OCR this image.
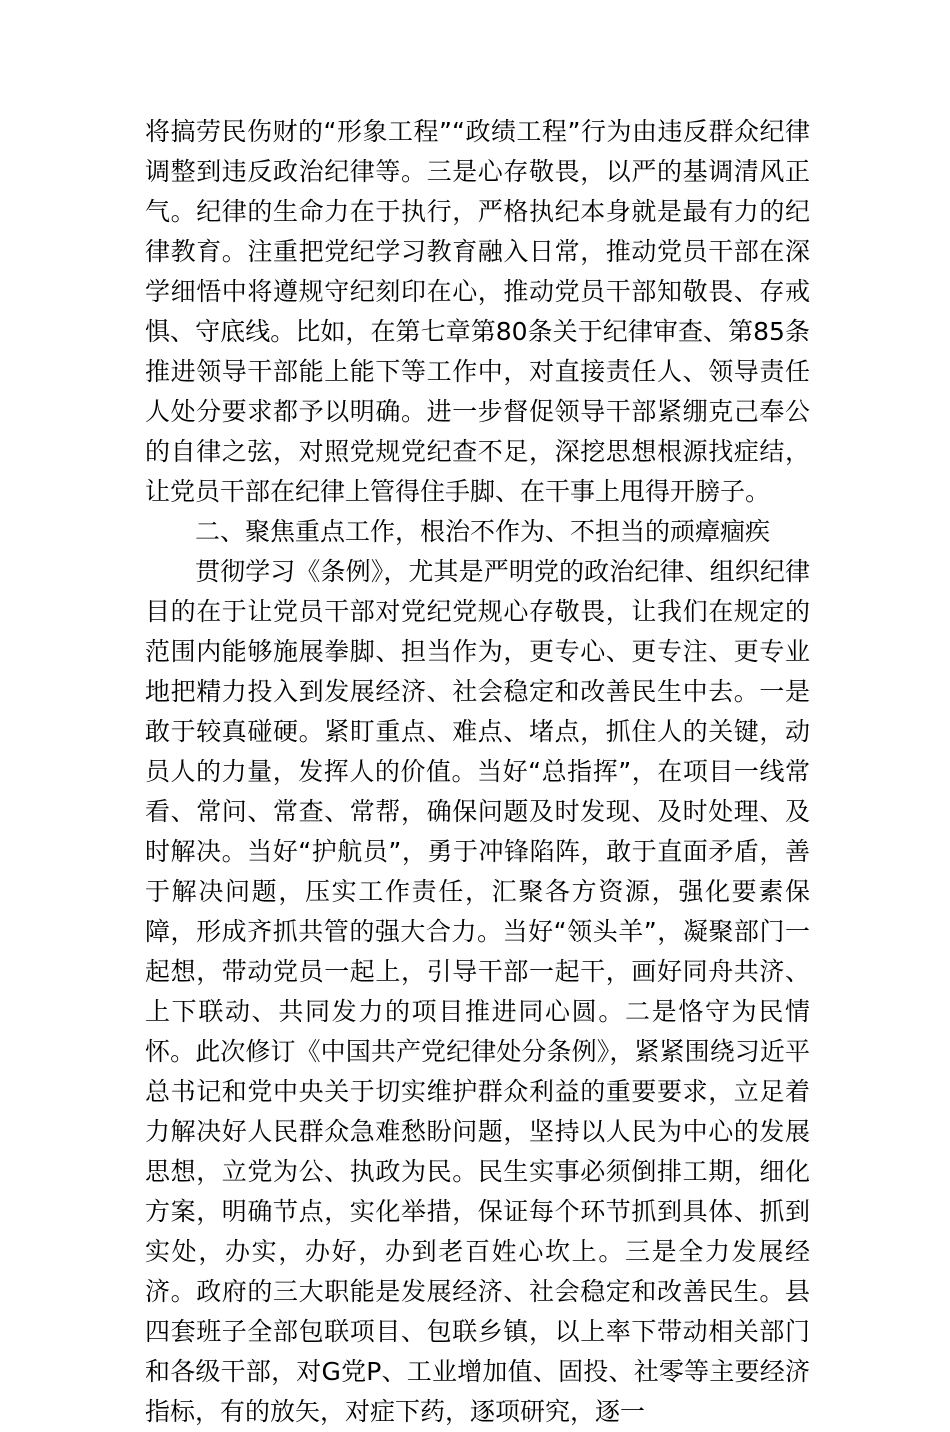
将搞劳民伤财的“形象工程”“政绩工程”行为由违反群众纪律调整到违反政治纪律等。三是心存敬畏，以严的基调清风正气。纪律的生命力在于执行，严格执纪本身就是最有力的纪律教育。注重把党纪学习教育融入日常，推动党员干部在深学细悟中将遵规守纪刻印在心，推动党员干部知敬畏、存戒惧、守底线。比如，在第七章第80条关于纪律审查、第85条推进领导干部能上能下等工作中，对直接责任人、领导责任人处分要求都予以明确。进一步督促领导干部紧绷克己奉公的自律之弦，对照党规党纪查不足，深挖思想根源找症结，让党员干部在纪律上管得住手脚、在干事上甩得开膀子。

二、聚焦重点工作，根治不作为、不担当的顽瘴痼疾

贯彻学习《条例》，尤其是严明党的政治纪律、组织纪律目的在于让党员干部对党纪党规心存敬畏，让我们在规定的范围内能够施展拳脚、担当作为，更专心、更专注、更专业地把精力投入到发展经济、社会稳定和改善民生中去。一是敢于较真碰硬。紧盯重点、难点、堵点，抓住人的关键，动员人的力量，发挥人的价值。当好“总指挥”，在项目一线常看、常问、常查、常帮，确保问题及时发现、及时处理、及时解决。当好“护航员”，勇于冲锋陷阵，敢于直面矛盾，善于解决问题，压实工作责任，汇聚各方资源，强化要素保障，形成齐抓共管的强大合力。当好“领头羊”，凝聚部门一起想，带动党员一起上，引导干部一起干，画好同舟共济、上下联动、共同发力的项目推进同心圆。二是恪守为民情怀。此次修订《中国共产党纪律处分条例》，紧紧围绕习近平总书记和党中央关于切实维护群众利益的重要要求，立足着力解决好人民群众急难愁盼问题，坚持以人民为中心的发展思想，立党为公、执政为民。民生实事必须倒排工期，细化方案，明确节点，实化举措，保证每个环节抓到具体、抓到实处，办实，办好，办到老百姓心坎上。三是全力发展经济。政府的三大职能是发展经济、社会稳定和改善民生。县四套班子全部包联项目、包联乡镇，以上率下带动相关部门和各级干部，对G党P、工业增加值、固投、社零等主要经济指标，有的放矢，对症下药，逐项研究，逐一
